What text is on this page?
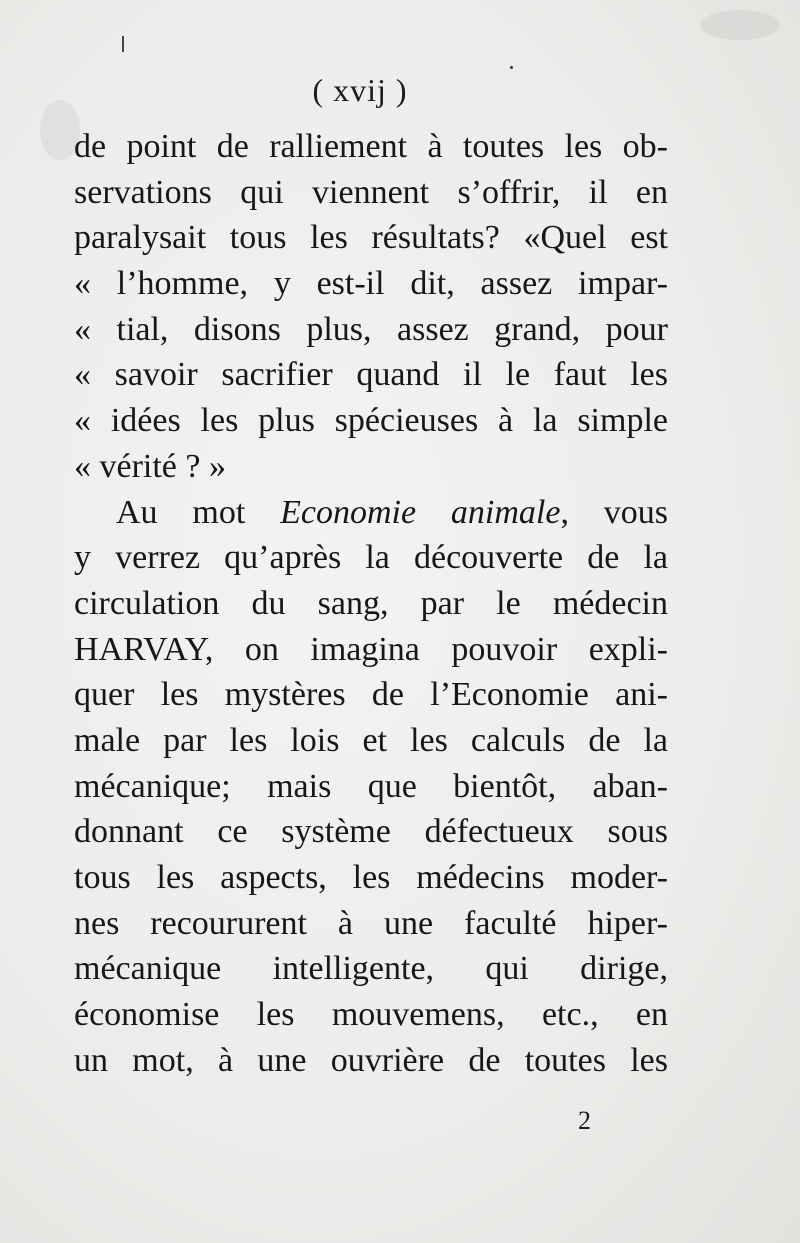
( xvij )
de point de ralliement à toutes les ob-
servations qui viennent s’offrir, il en
paralysait tous les résultats? «Quel est
« l’homme, y est-il dit, assez impar-
« tial, disons plus, assez grand, pour
« savoir sacrifier quand il le faut les
« idées les plus spécieuses à la simple
« vérité ? »
Au mot Economie animale, vous
y verrez qu’après la découverte de la
circulation du sang, par le médecin
HARVAY, on imagina pouvoir expli-
quer les mystères de l’Economie ani-
male par les lois et les calculs de la
mécanique; mais que bientôt, aban-
donnant ce système défectueux sous
tous les aspects, les médecins moder-
nes recoururent à une faculté hiper-
mécanique intelligente, qui dirige,
économise les mouvemens, etc., en
un mot, à une ouvrière de toutes les
2
